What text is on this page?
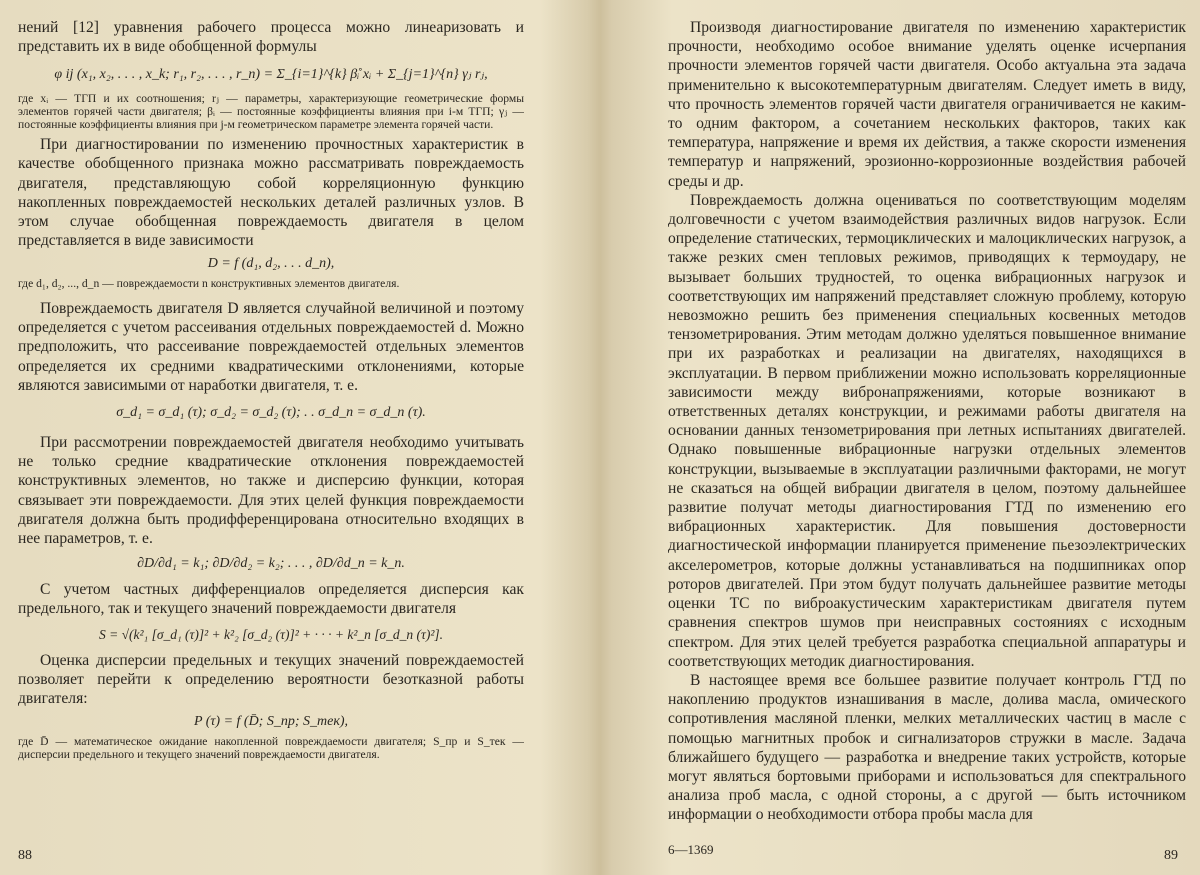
нений [12] уравнения рабочего процесса можно линеаризовать и представить их в виде обобщенной формулы

φ ij (x₁, x₂, . . . , x_k; r₁, r₂, . . . , r_n) = Σ_{i=1}^{k} β̊ᵢ xᵢ + Σ_{j=1}^{n} γⱼ rⱼ,

где xᵢ — ТГП и их соотношения; rⱼ — параметры, характеризующие геометрические формы элементов горячей части двигателя; βᵢ — постоянные коэффициенты влияния при i-м ТГП; γⱼ — постоянные коэффициенты влияния при j-м геометрическом параметре элемента горячей части.

При диагностировании по изменению прочностных характеристик в качестве обобщенного признака можно рассматривать повреждаемость двигателя, представляющую собой корреляционную функцию накопленных повреждаемостей нескольких деталей различных узлов. В этом случае обобщенная повреждаемость двигателя в целом представляется в виде зависимости

D = f (d₁, d₂, . . . d_n),

где d₁, d₂, ..., d_n — повреждаемости n конструктивных элементов двигателя.

Повреждаемость двигателя D является случайной величиной и поэтому определяется с учетом рассеивания отдельных повреждаемостей d. Можно предположить, что рассеивание повреждаемостей отдельных элементов определяется их средними квадратическими отклонениями, которые являются зависимыми от наработки двигателя, т. е.

σ_d₁ = σ_d₁ (τ); σ_d₂ = σ_d₂ (τ); . . σ_d_n = σ_d_n (τ).

При рассмотрении повреждаемостей двигателя необходимо учитывать не только средние квадратические отклонения повреждаемостей конструктивных элементов, но также и дисперсию функции, которая связывает эти повреждаемости. Для этих целей функция повреждаемости двигателя должна быть продифференцирована относительно входящих в нее параметров, т. е.

∂D/∂d₁ = k₁; ∂D/∂d₂ = k₂; . . . , ∂D/∂d_n = k_n.

С учетом частных дифференциалов определяется дисперсия как предельного, так и текущего значений повреждаемости двигателя

S = √(k²₁ [σ_d₁ (τ)]² + k²₂ [σ_d₂ (τ)]² + · · · + k²_n [σ_d_n (τ)²].

Оценка дисперсии предельных и текущих значений повреждаемостей позволяет перейти к определению вероятности безотказной работы двигателя:

P (τ) = f (D̄; S_пр; S_тек),

где D̄ — математическое ожидание накопленной повреждаемости двигателя; S_пр и S_тек — дисперсии предельного и текущего значений повреждаемости двигателя.

88

Производя диагностирование двигателя по изменению характеристик прочности, необходимо особое внимание уделять оценке исчерпания прочности элементов горячей части двигателя. Особо актуальна эта задача применительно к высокотемпературным двигателям. Следует иметь в виду, что прочность элементов горячей части двигателя ограничивается не каким-то одним фактором, а сочетанием нескольких факторов, таких как температура, напряжение и время их действия, а также скорости изменения температур и напряжений, эрозионно-коррозионные воздействия рабочей среды и др.

Повреждаемость должна оцениваться по соответствующим моделям долговечности с учетом взаимодействия различных видов нагрузок. Если определение статических, термоциклических и малоциклических нагрузок, а также резких смен тепловых режимов, приводящих к термоудару, не вызывает больших трудностей, то оценка вибрационных нагрузок и соответствующих им напряжений представляет сложную проблему, которую невозможно решить без применения специальных косвенных методов тензометрирования. Этим методам должно уделяться повышенное внимание при их разработках и реализации на двигателях, находящихся в эксплуатации. В первом приближении можно использовать корреляционные зависимости между вибронапряжениями, которые возникают в ответственных деталях конструкции, и режимами работы двигателя на основании данных тензометрирования при летных испытаниях двигателей. Однако повышенные вибрационные нагрузки отдельных элементов конструкции, вызываемые в эксплуатации различными факторами, не могут не сказаться на общей вибрации двигателя в целом, поэтому дальнейшее развитие получат методы диагностирования ГТД по изменению его вибрационных характеристик. Для повышения достоверности диагностической информации планируется применение пьезоэлектрических акселерометров, которые должны устанавливаться на подшипниках опор роторов двигателей. При этом будут получать дальнейшее развитие методы оценки ТС по виброакустическим характеристикам двигателя путем сравнения спектров шумов при неисправных состояниях с исходным спектром. Для этих целей требуется разработка специальной аппаратуры и соответствующих методик диагностирования.

В настоящее время все большее развитие получает контроль ГТД по накоплению продуктов изнашивания в масле, долива масла, омического сопротивления масляной пленки, мелких металлических частиц в масле с помощью магнитных пробок и сигнализаторов стружки в масле. Задача ближайшего будущего — разработка и внедрение таких устройств, которые могут являться бортовыми приборами и использоваться для спектрального анализа проб масла, с одной стороны, а с другой — быть источником информации о необходимости отбора пробы масла для

6—1369	89
